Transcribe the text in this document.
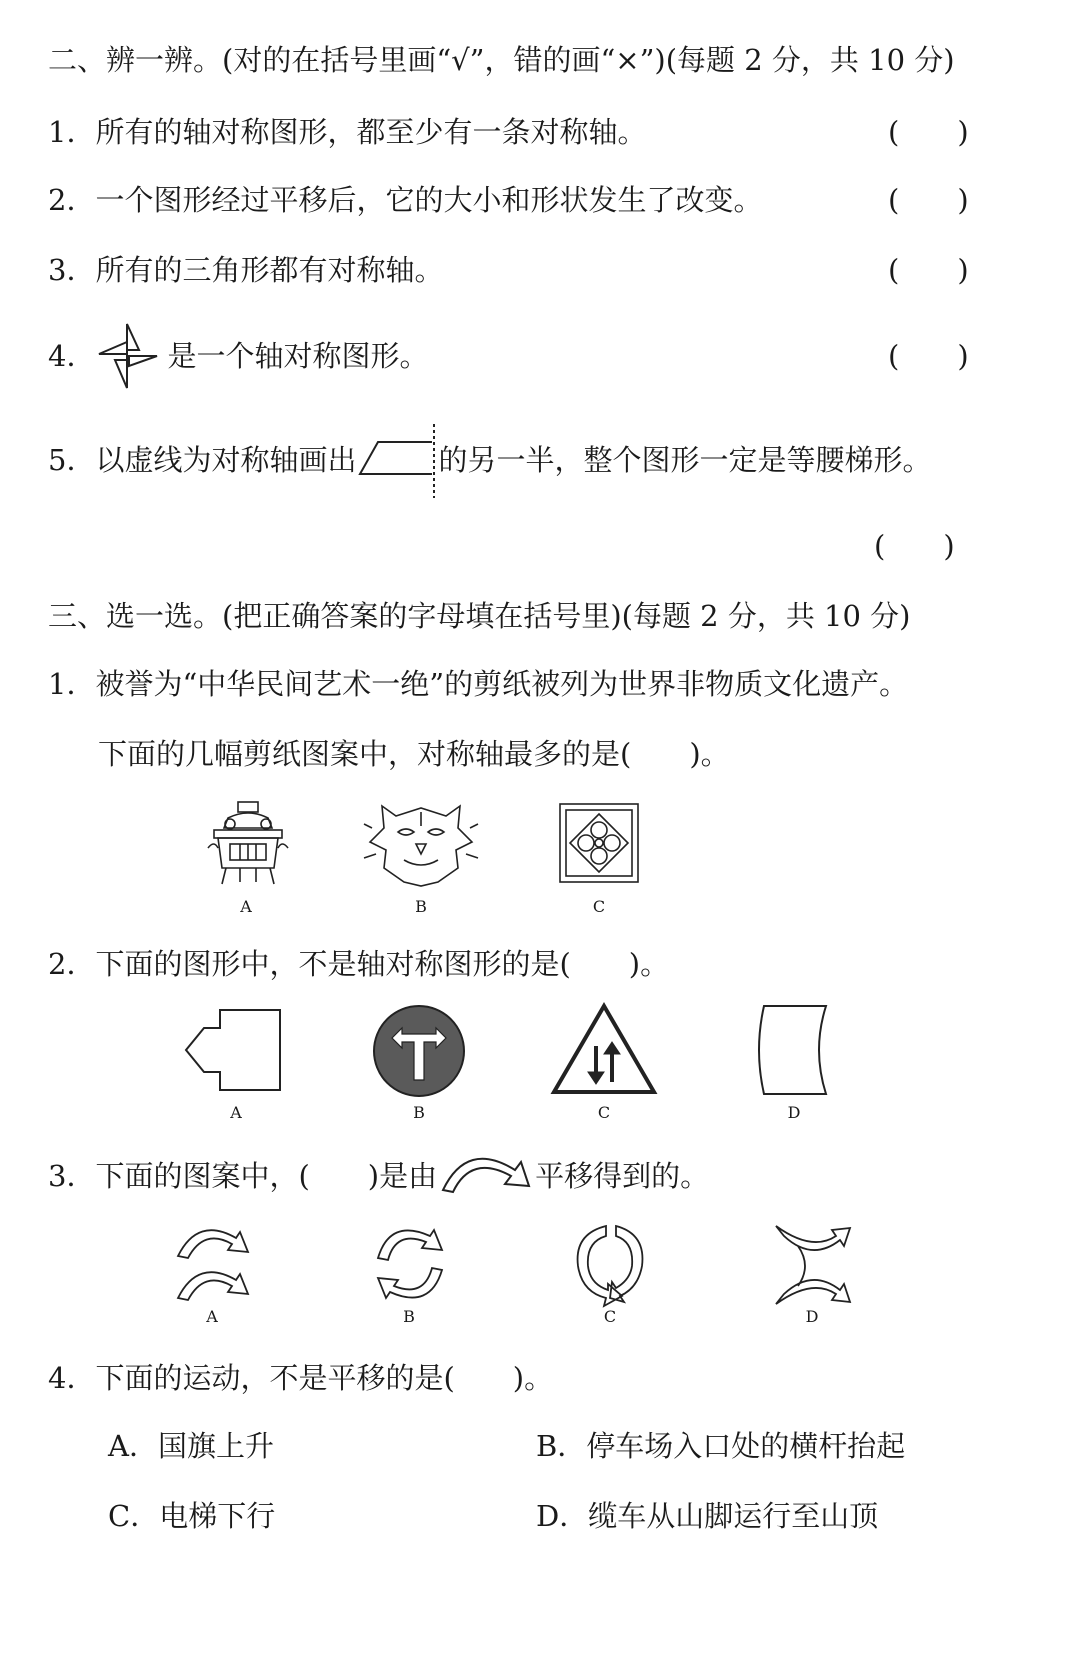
二、辨一辨。(对的在括号里画“√”，错的画“×”)(每题 2 分，共 10 分)
1．所有的轴对称图形，都至少有一条对称轴。	(　　)
2．一个图形经过平移后，它的大小和形状发生了改变。	(　　)
3．所有的三角形都有对称轴。	(　　)
4． 是一个轴对称图形。	(　　)
5．以虚线为对称轴画出	的另一半，整个图形一定是等腰梯形。
(　　)
三、选一选。(把正确答案的字母填在括号里)(每题 2 分，共 10 分)
1．被誉为“中华民间艺术一绝”的剪纸被列为世界非物质文化遗产。
下面的几幅剪纸图案中，对称轴最多的是(　　)。
A	B	C
2．下面的图形中，不是轴对称图形的是(　　)。
A	B	C	D
3．下面的图案中，(　　)是由	平移得到的。
A	B	C	D
4．下面的运动，不是平移的是(　　)。
A．国旗上升	B．停车场入口处的横杆抬起
C．电梯下行	D．缆车从山脚运行至山顶
